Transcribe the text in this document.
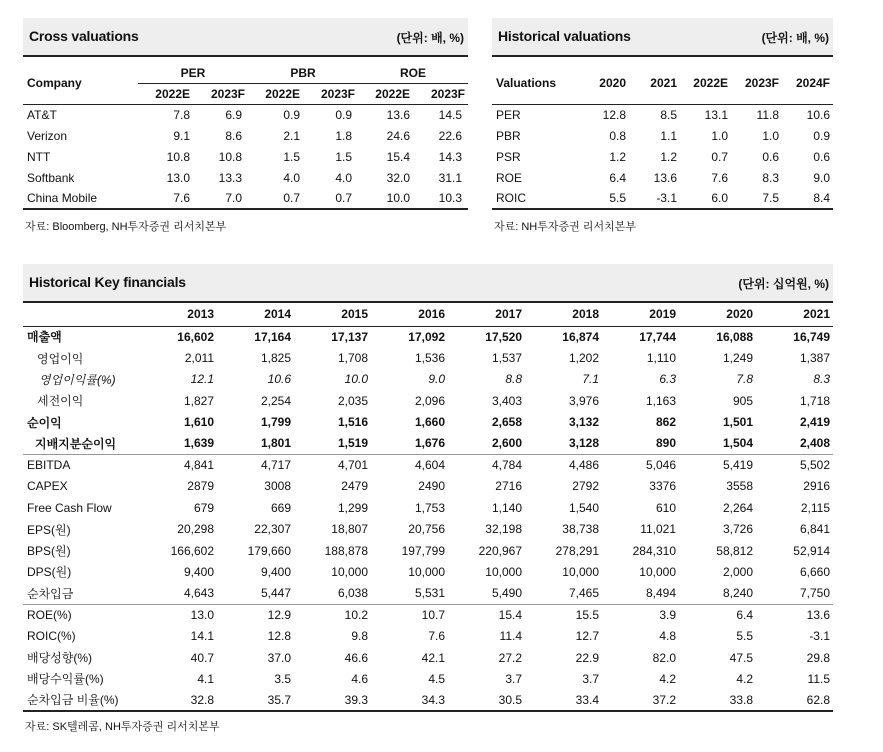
Cross valuations	(단위: 배, %)
Company	PER		PBR		ROE	
	2022E	2023F	2022E	2023F	2022E	2023F
AT&T	7.8	6.9	0.9	0.9	13.6	14.5
Verizon	9.1	8.6	2.1	1.8	24.6	22.6
NTT	10.8	10.8	1.5	1.5	15.4	14.3
Softbank	13.0	13.3	4.0	4.0	32.0	31.1
China Mobile	7.6	7.0	0.7	0.7	10.0	10.3
자료: Bloomberg, NH투자증권 리서치본부
Historical valuations	(단위: 배, %)
Valuations	2020	2021	2022E	2023F	2024F
PER	12.8	8.5	13.1	11.8	10.6
PBR	0.8	1.1	1.0	1.0	0.9
PSR	1.2	1.2	0.7	0.6	0.6
ROE	6.4	13.6	7.6	8.3	9.0
ROIC	5.5	-3.1	6.0	7.5	8.4
자료: NH투자증권 리서치본부
Historical Key financials	(단위: 십억원, %)
	2013	2014	2015	2016	2017	2018	2019	2020	2021
매출액	16,602	17,164	17,137	17,092	17,520	16,874	17,744	16,088	16,749
영업이익	2,011	1,825	1,708	1,536	1,537	1,202	1,110	1,249	1,387
영업이익률(%)	12.1	10.6	10.0	9.0	8.8	7.1	6.3	7.8	8.3
세전이익	1,827	2,254	2,035	2,096	3,403	3,976	1,163	905	1,718
순이익	1,610	1,799	1,516	1,660	2,658	3,132	862	1,501	2,419
지배지분순이익	1,639	1,801	1,519	1,676	2,600	3,128	890	1,504	2,408
EBITDA	4,841	4,717	4,701	4,604	4,784	4,486	5,046	5,419	5,502
CAPEX	2879	3008	2479	2490	2716	2792	3376	3558	2916
Free Cash Flow	679	669	1,299	1,753	1,140	1,540	610	2,264	2,115
EPS(원)	20,298	22,307	18,807	20,756	32,198	38,738	11,021	3,726	6,841
BPS(원)	166,602	179,660	188,878	197,799	220,967	278,291	284,310	58,812	52,914
DPS(원)	9,400	9,400	10,000	10,000	10,000	10,000	10,000	2,000	6,660
순차입금	4,643	5,447	6,038	5,531	5,490	7,465	8,494	8,240	7,750
ROE(%)	13.0	12.9	10.2	10.7	15.4	15.5	3.9	6.4	13.6
ROIC(%)	14.1	12.8	9.8	7.6	11.4	12.7	4.8	5.5	-3.1
배당성향(%)	40.7	37.0	46.6	42.1	27.2	22.9	82.0	47.5	29.8
배당수익률(%)	4.1	3.5	4.6	4.5	3.7	3.7	4.2	4.2	11.5
순차입금 비율(%)	32.8	35.7	39.3	34.3	30.5	33.4	37.2	33.8	62.8
자료: SK텔레콤, NH투자증권 리서치본부
